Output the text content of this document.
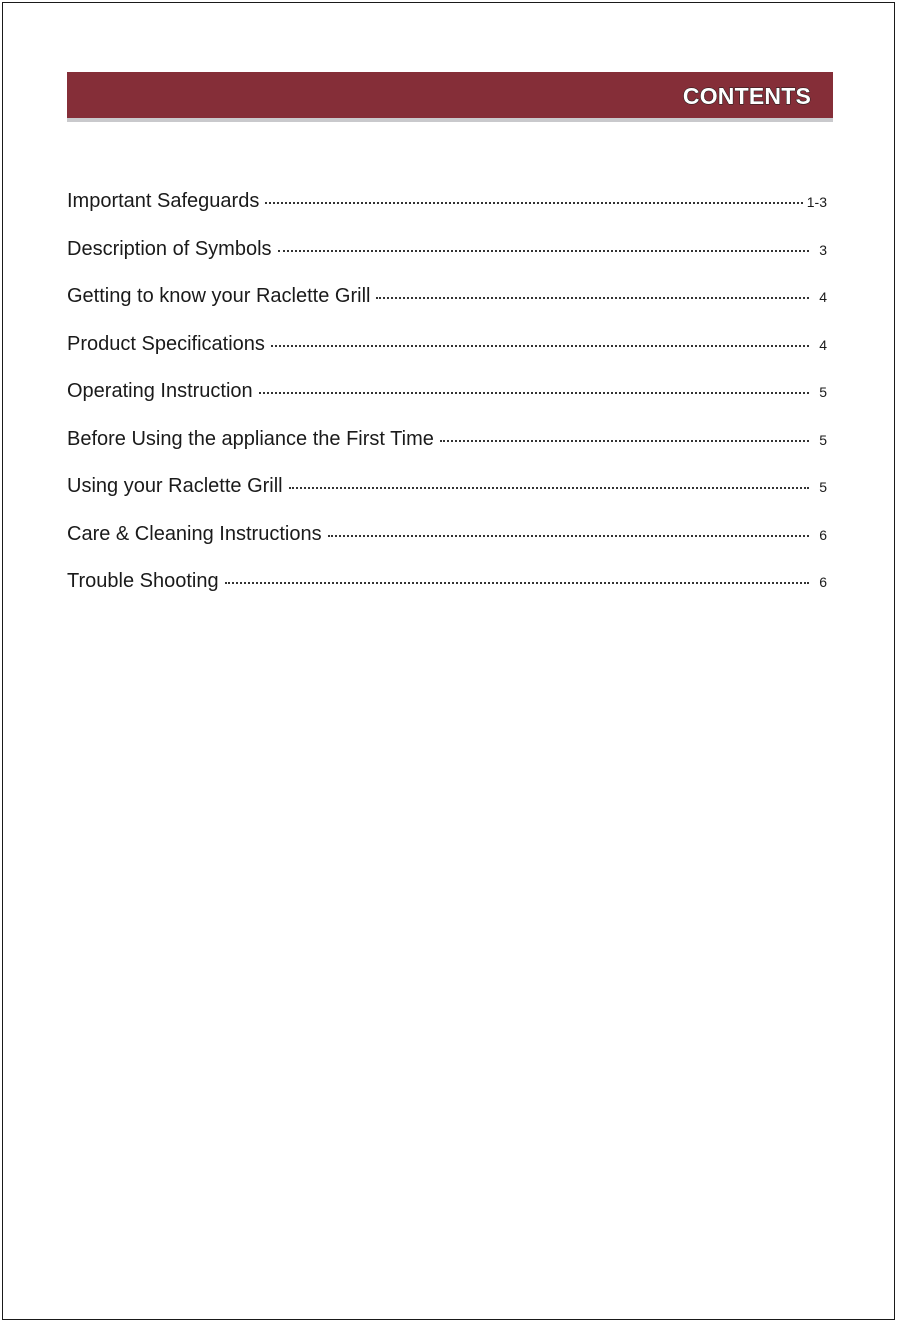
CONTENTS
Important Safeguards	1-3
Description of Symbols	3
Getting to know your Raclette Grill	4
Product Specifications	4
Operating Instruction	5
Before Using the appliance the First Time	5
Using your Raclette Grill	5
Care & Cleaning Instructions	6
Trouble Shooting	6
